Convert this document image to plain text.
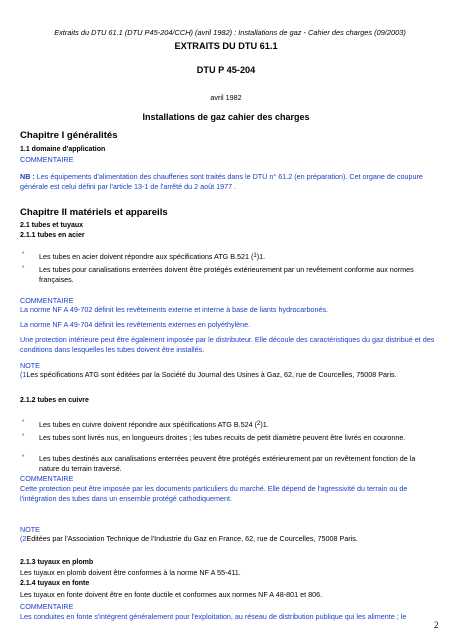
Extraits du DTU 61.1 (DTU P45-204/CCH) (avril 1982) : Installations de gaz - Cahier des charges (09/2003)
EXTRAITS DU DTU 61.1
DTU P 45-204
avril 1982
Installations de gaz cahier des charges
Chapitre I généralités
1.1 domaine d'application
COMMENTAIRE
NB : Les équipements d'alimentation des chaufferies sont traités dans le DTU n° 61.2 (en préparation). Cet organe de coupure générale est celui défini par l'article 13-1 de l'arrêté du 2 août 1977 .
Chapitre II matériels et appareils
2.1 tubes et tuyaux
2.1.1 tubes en acier
° Les tubes en acier doivent répondre aux spécifications ATG B.521 ($^1$)1.
° Les tubes pour canalisations enterrées doivent être protégés extérieurement par un revêtement conforme aux normes françaises.
COMMENTAIRE
La norme NF A 49-702 définit les revêtements externe et interne à base de liants hydrocarbonés.
La norme NF A 49-704 définit les revêtements externes en polyéthylène.
Une protection intérieure peut être également imposée par le distributeur. Elle découle des caractéristiques du gaz distribué et des conditions dans lesquelles les tubes doivent être installés.
NOTE
(1Les spécifications ATG sont éditées par la Société du Journal des Usines à Gaz, 62, rue de Courcelles, 75008 Paris.
2.1.2 tubes en cuivre
° Les tubes en cuivre doivent répondre aux spécifications ATG B.524 ($^2$)1.
° Les tubes sont livrés nus, en longueurs droites ; les tubes recuits de petit diamètre peuvent être livrés en couronne.
° Les tubes destinés aux canalisations enterrées peuvent être protégés extérieurement par un revêtement fonction de la nature du terrain traversé.
COMMENTAIRE
Cette protection peut être imposée par les documents particuliers du marché. Elle dépend de l'agressivité du terrain ou de l'intégration des tubes dans un ensemble protégé cathodiquement.
NOTE
(2Editées par l'Association Technique de l'Industrie du Gaz en France, 62, rue de Courcelles, 75008 Paris.
2.1.3 tuyaux en plomb
Les tuyaux en plomb doivent être conformes à la norme NF A 55-411.
2.1.4 tuyaux en fonte
Les tuyaux en fonte doivent être en fonte ductile et conformes aux normes NF A 48-801 et 806.
COMMENTAIRE
Les conduites en fonte s'intègrent généralement pour l'exploitation, au réseau de distribution publique qui les alimente ; le
2
